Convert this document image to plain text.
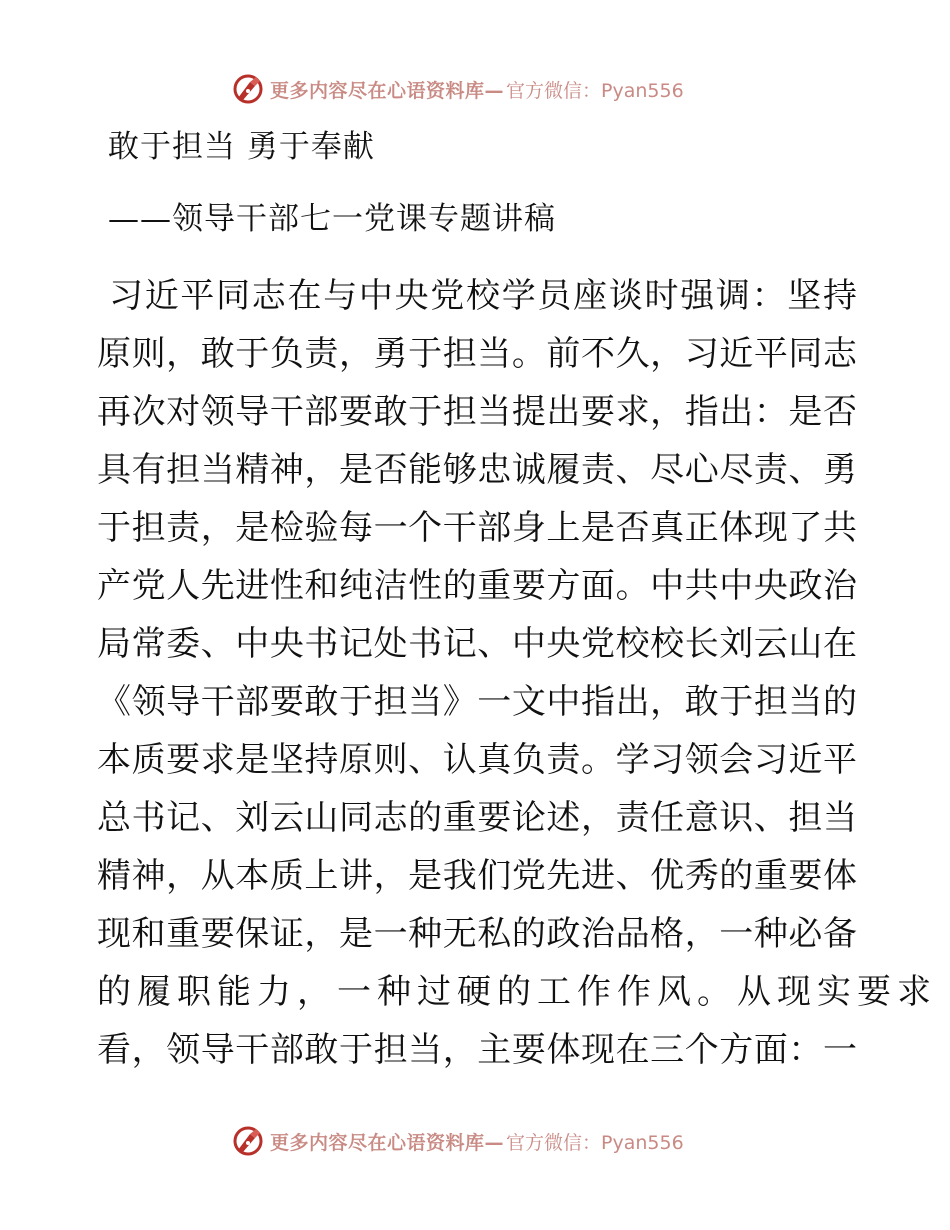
更多内容尽在心语资料库— 官方微信：Pyan556
敢于担当 勇于奉献
——领导干部七一党课专题讲稿
习近平同志在与中央党校学员座谈时强调：坚持
原则，敢于负责，勇于担当。前不久，习近平同志
再次对领导干部要敢于担当提出要求，指出：是否
具有担当精神，是否能够忠诚履责、尽心尽责、勇
于担责，是检验每一个干部身上是否真正体现了共
产党人先进性和纯洁性的重要方面。中共中央政治
局常委、中央书记处书记、中央党校校长刘云山在
《领导干部要敢于担当》一文中指出，敢于担当的
本质要求是坚持原则、认真负责。学习领会习近平
总书记、刘云山同志的重要论述，责任意识、担当
精神，从本质上讲，是我们党先进、优秀的重要体
现和重要保证，是一种无私的政治品格，一种必备
的履职能力，一种过硬的工作作风。从现实要求
看，领导干部敢于担当，主要体现在三个方面：一
更多内容尽在心语资料库— 官方微信：Pyan556
